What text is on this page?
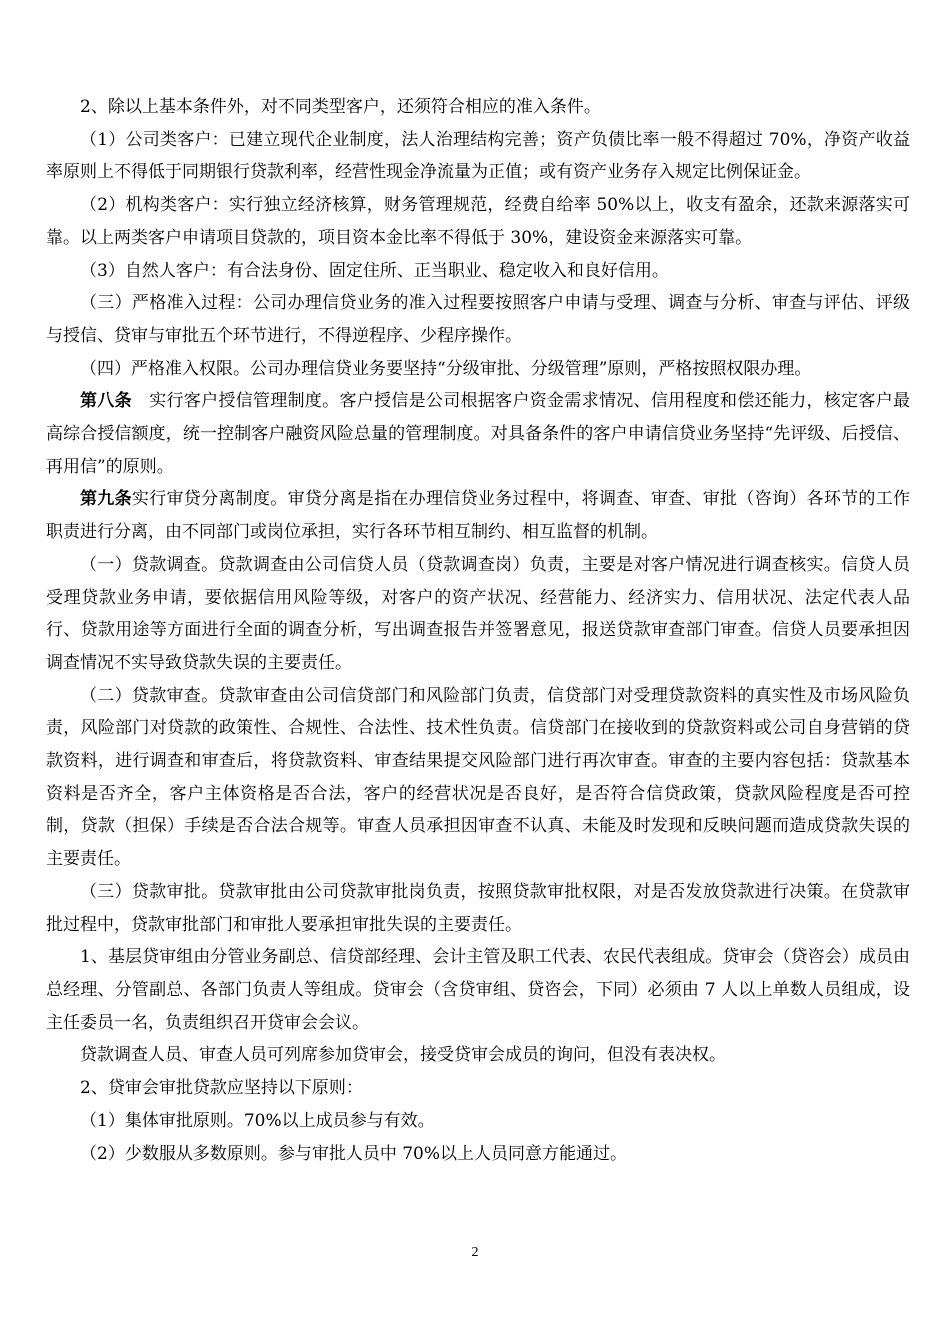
2、除以上基本条件外，对不同类型客户，还须符合相应的准入条件。

（1）公司类客户：已建立现代企业制度，法人治理结构完善；资产负债比率一般不得超过 70%，净资产收益率原则上不得低于同期银行贷款利率，经营性现金净流量为正值；或有资产业务存入规定比例保证金。

（2）机构类客户：实行独立经济核算，财务管理规范，经费自给率 50%以上，收支有盈余，还款来源落实可靠。以上两类客户申请项目贷款的，项目资本金比率不得低于 30%，建设资金来源落实可靠。

（3）自然人客户：有合法身份、固定住所、正当职业、稳定收入和良好信用。

（三）严格准入过程：公司办理信贷业务的准入过程要按照客户申请与受理、调查与分析、审查与评估、评级与授信、贷审与审批五个环节进行，不得逆程序、少程序操作。

（四）严格准入权限。公司办理信贷业务要坚持“分级审批、分级管理”原则，严格按照权限办理。

第八条　实行客户授信管理制度。客户授信是公司根据客户资金需求情况、信用程度和偿还能力，核定客户最高综合授信额度，统一控制客户融资风险总量的管理制度。对具备条件的客户申请信贷业务坚持“先评级、后授信、再用信”的原则。

第九条实行审贷分离制度。审贷分离是指在办理信贷业务过程中，将调查、审查、审批（咨询）各环节的工作职责进行分离，由不同部门或岗位承担，实行各环节相互制约、相互监督的机制。

（一）贷款调查。贷款调查由公司信贷人员（贷款调查岗）负责，主要是对客户情况进行调查核实。信贷人员受理贷款业务申请，要依据信用风险等级，对客户的资产状况、经营能力、经济实力、信用状况、法定代表人品行、贷款用途等方面进行全面的调查分析，写出调查报告并签署意见，报送贷款审查部门审查。信贷人员要承担因调查情况不实导致贷款失误的主要责任。

（二）贷款审查。贷款审查由公司信贷部门和风险部门负责，信贷部门对受理贷款资料的真实性及市场风险负责，风险部门对贷款的政策性、合规性、合法性、技术性负责。信贷部门在接收到的贷款资料或公司自身营销的贷款资料，进行调查和审查后，将贷款资料、审查结果提交风险部门进行再次审查。审查的主要内容包括：贷款基本资料是否齐全，客户主体资格是否合法，客户的经营状况是否良好，是否符合信贷政策，贷款风险程度是否可控制，贷款（担保）手续是否合法合规等。审查人员承担因审查不认真、未能及时发现和反映问题而造成贷款失误的主要责任。

（三）贷款审批。贷款审批由公司贷款审批岗负责，按照贷款审批权限，对是否发放贷款进行决策。在贷款审批过程中，贷款审批部门和审批人要承担审批失误的主要责任。

1、基层贷审组由分管业务副总、信贷部经理、会计主管及职工代表、农民代表组成。贷审会（贷咨会）成员由总经理、分管副总、各部门负责人等组成。贷审会（含贷审组、贷咨会，下同）必须由 7 人以上单数人员组成，设主任委员一名，负责组织召开贷审会会议。

贷款调查人员、审查人员可列席参加贷审会，接受贷审会成员的询问，但没有表决权。

2、贷审会审批贷款应坚持以下原则：

（1）集体审批原则。70%以上成员参与有效。

（2）少数服从多数原则。参与审批人员中 70%以上人员同意方能通过。

2
